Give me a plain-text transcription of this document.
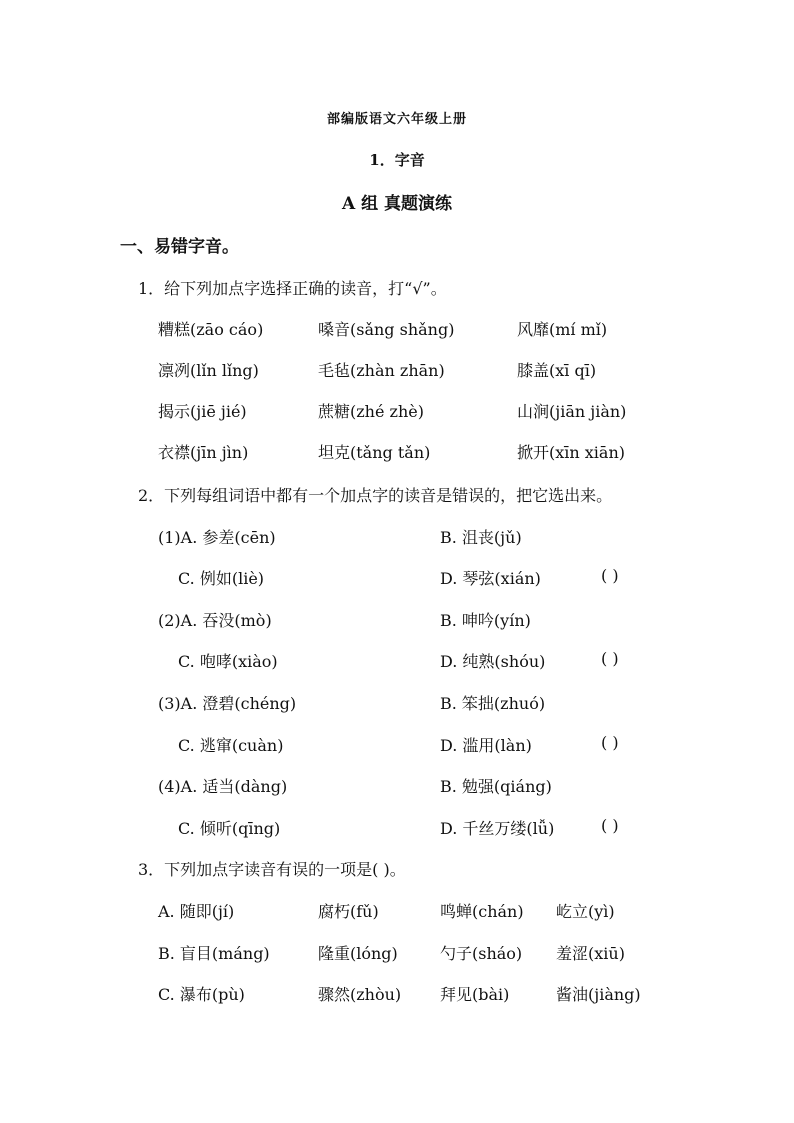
部编版语文六年级上册
1．字音
A 组 真题演练
一、易错字音。
1．给下列加点字选择正确的读音，打“√”。
糟糕(zāo cáo)	嗓音(sǎng shǎng)	风靡(mí mǐ)
凛冽(lǐn lǐng)	毛毡(zhàn zhān)	膝盖(xī qī)
揭示(jiē jié)	蔗糖(zhé zhè)	山涧(jiān jiàn)
衣襟(jīn jìn)	坦克(tǎng tǎn)	掀开(xīn xiān)
2．下列每组词语中都有一个加点字的读音是错误的，把它选出来。
(1)A. 参差(cēn)	B. 沮丧(jǔ)
C. 例如(liè)	D. 琴弦(xián)	( )
(2)A. 吞没(mò)	B. 呻吟(yín)
C. 咆哮(xiào)	D. 纯熟(shóu)	( )
(3)A. 澄碧(chéng)	B. 笨拙(zhuó)
C. 逃窜(cuàn)	D. 滥用(làn)	( )
(4)A. 适当(dàng)	B. 勉强(qiáng)
C. 倾听(qīng)	D. 千丝万缕(lǚ)	( )
3．下列加点字读音有误的一项是( )。
A. 随即(jí)	腐朽(fǔ)	鸣蝉(chán) 屹立(yì)
B. 盲目(máng)	隆重(lóng)	勺子(sháo) 羞涩(xiū)
C. 瀑布(pù)	骤然(zhòu) 拜见(bài)	酱油(jiàng)
